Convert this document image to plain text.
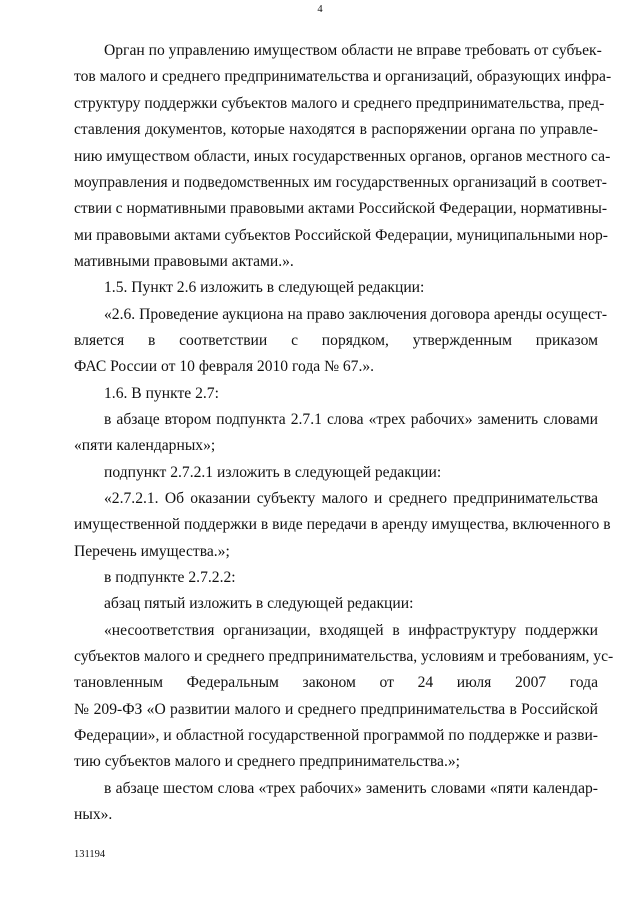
4
Орган по управлению имуществом области не вправе требовать от субъек-
тов малого и среднего предпринимательства и организаций, образующих инфра-
структуру поддержки субъектов малого и среднего предпринимательства, пред-
ставления документов, которые находятся в распоряжении органа по управле-
нию имуществом области, иных государственных органов, органов местного са-
моуправления и подведомственных им государственных организаций в соответ-
ствии с нормативными правовыми актами Российской Федерации, нормативны-
ми правовыми актами субъектов Российской Федерации, муниципальными нор-
мативными правовыми актами.».
1.5. Пункт 2.6 изложить в следующей редакции:
«2.6. Проведение аукциона на право заключения договора аренды осущест-
вляется в соответствии с порядком, утвержденным приказом
ФАС России от 10 февраля 2010 года № 67.».
1.6. В пункте 2.7:
в абзаце втором подпункта 2.7.1 слова «трех рабочих» заменить словами
«пяти календарных»;
подпункт 2.7.2.1 изложить в следующей редакции:
«2.7.2.1. Об оказании субъекту малого и среднего предпринимательства
имущественной поддержки в виде передачи в аренду имущества, включенного в
Перечень имущества.»;
в подпункте 2.7.2.2:
абзац пятый изложить в следующей редакции:
«несоответствия организации, входящей в инфраструктуру поддержки
субъектов малого и среднего предпринимательства, условиям и требованиям, ус-
тановленным Федеральным законом от 24 июля 2007 года
№ 209-ФЗ «О развитии малого и среднего предпринимательства в Российской
Федерации», и областной государственной программой по поддержке и разви-
тию субъектов малого и среднего предпринимательства.»;
в абзаце шестом слова «трех рабочих» заменить словами «пяти календар-
ных».
131194
